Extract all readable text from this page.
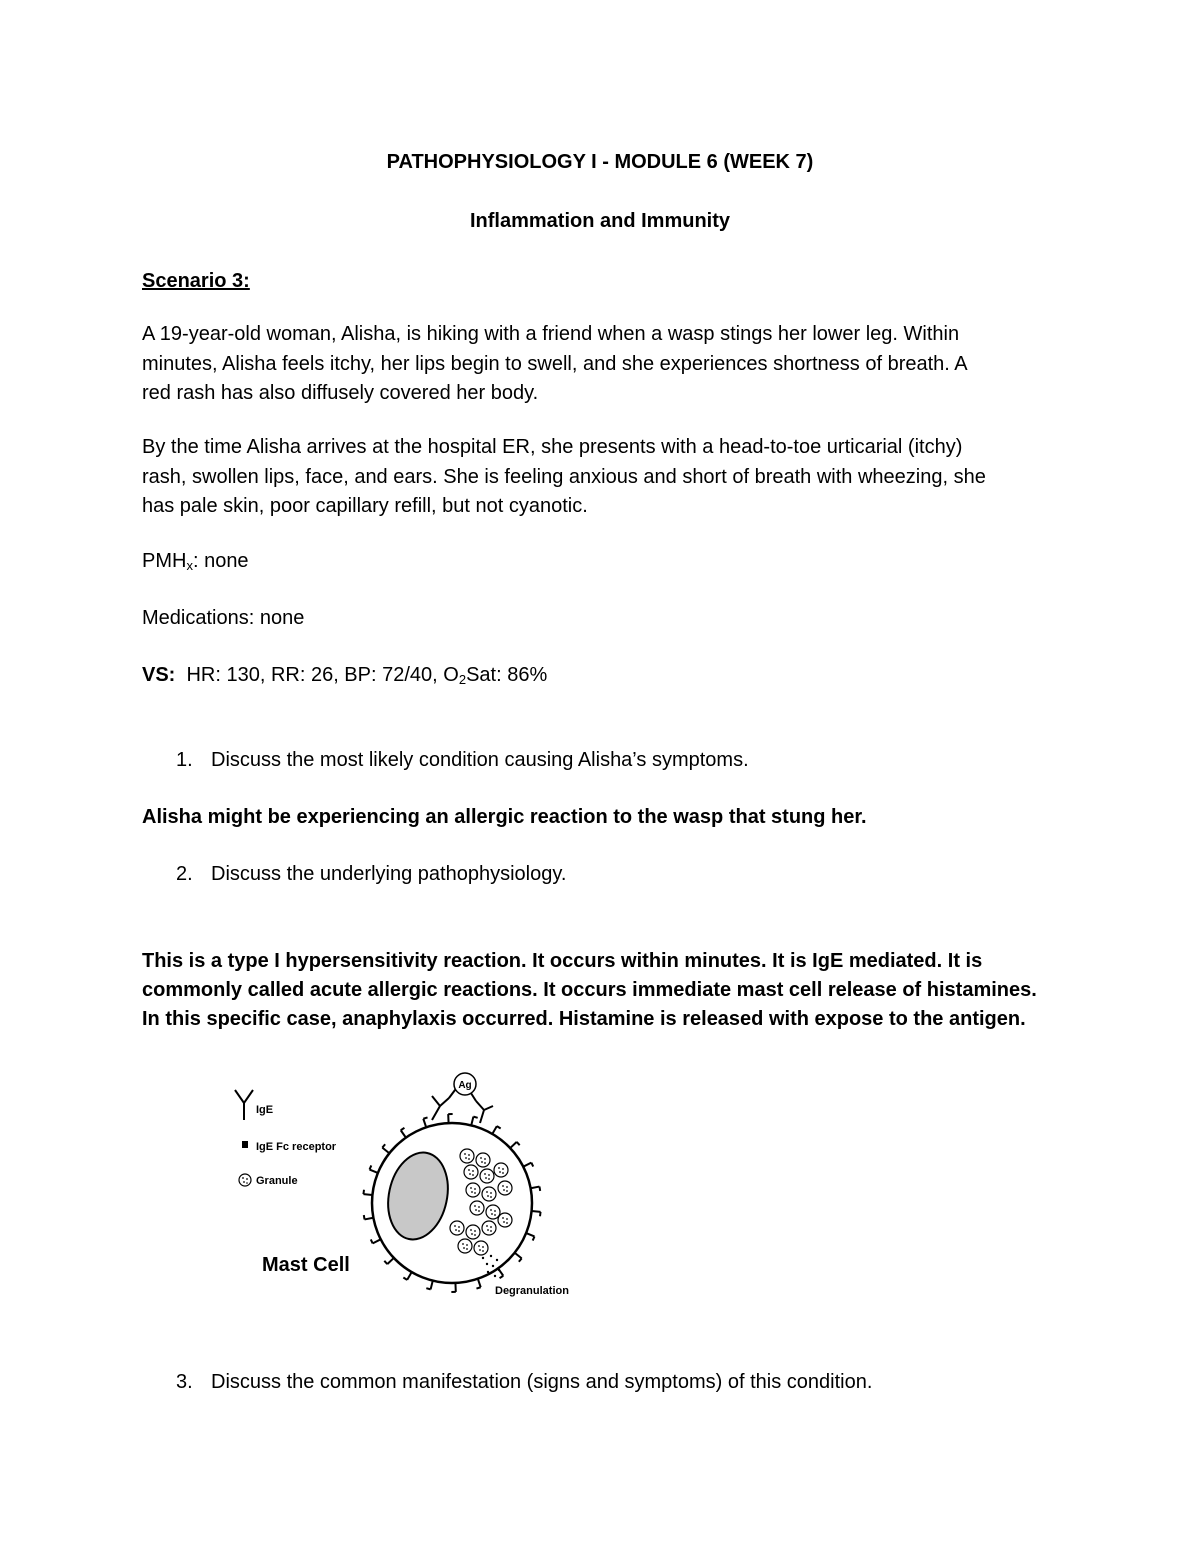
PATHOPHYSIOLOGY I - MODULE 6 (WEEK 7)
Inflammation and Immunity
Scenario 3:
A 19-year-old woman, Alisha, is hiking with a friend when a wasp stings her lower leg. Within
minutes, Alisha feels itchy, her lips begin to swell, and she experiences shortness of breath. A
red rash has also diffusely covered her body.
By the time Alisha arrives at the hospital ER, she presents with a head-to-toe urticarial (itchy)
rash, swollen lips, face, and ears. She is feeling anxious and short of breath with wheezing, she
has pale skin, poor capillary refill, but not cyanotic.
$PMH_x$: none
Medications: none
VS: HR: 130, RR: 26, BP: 72/40, $O_2Sat$: 86%
1. Discuss the most likely condition causing Alisha’s symptoms.
Alisha might be experiencing an allergic reaction to the wasp that stung her.
2. Discuss the underlying pathophysiology.
This is a type I hypersensitivity reaction. It occurs within minutes. It is IgE mediated. It is
commonly called acute allergic reactions. It occurs immediate mast cell release of histamines.
In this specific case, anaphylaxis occurred. Histamine is released with expose to the antigen.
IgE
IgE Fc receptor
Granule
Ag
Mast Cell
Degranulation
3. Discuss the common manifestation (signs and symptoms) of this condition.
